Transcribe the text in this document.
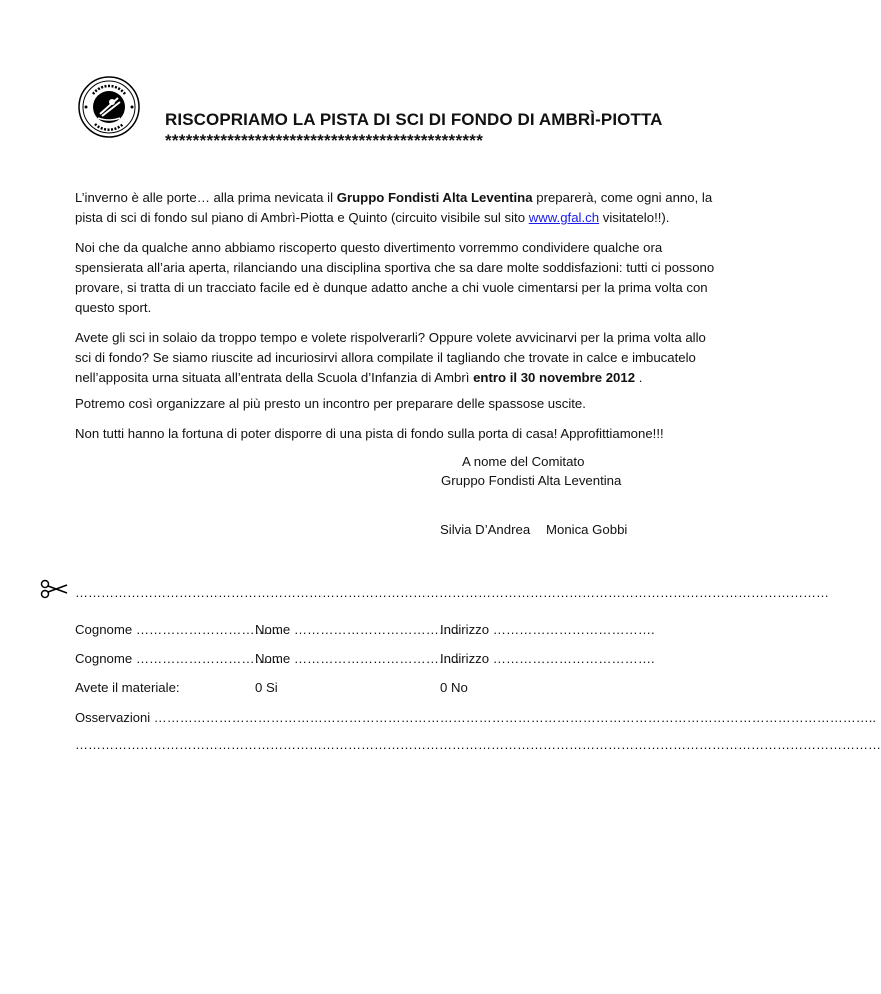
RISCOPRIAMO LA PISTA DI SCI DI FONDO DI AMBRÌ-PIOTTA
**********************************************
L’inverno è alle porte… alla prima nevicata il Gruppo Fondisti Alta Leventina preparerà, come ogni anno, la pista di sci di fondo sul piano di Ambrì-Piotta e Quinto (circuito visibile sul sito www.gfal.ch visitatelo!!).
Noi che da qualche anno abbiamo riscoperto questo divertimento vorremmo condividere qualche ora spensierata all’aria aperta, rilanciando una disciplina sportiva che sa dare molte soddisfazioni: tutti ci possono provare, si tratta di un tracciato facile ed è dunque adatto anche a chi vuole cimentarsi per la prima volta con questo sport.
Avete gli sci in solaio da troppo tempo e volete rispolverarli? Oppure volete avvicinarvi per la prima volta allo sci di fondo? Se siamo riuscite ad incuriosirvi allora compilate il tagliando che trovate in calce e imbucatelo nell’apposita urna situata all’entrata della Scuola d’Infanzia di Ambrì entro il 30 novembre 2012 .
Potremo così organizzare al più presto un incontro per preparare delle spassose uscite.
Non tutti hanno la fortuna di poter disporre di una pista di fondo sulla porta di casa! Approfittiamone!!!
A nome del Comitato
Gruppo Fondisti Alta Leventina
Silvia D’Andrea Monica Gobbi
…………………………………………………………………………………………………………………………………………………………
Cognome ……………………………
Nome ………………………………..
Indirizzo ……………………………….
Cognome ……………………………
Nome ………………………………..
Indirizzo ……………………………….
Avete il materiale:	0 Si	0 No
Osservazioni …………………………………………………………………………………………………………………………………………………..
……………………………………………………………………………………………………………………………………………………………………
